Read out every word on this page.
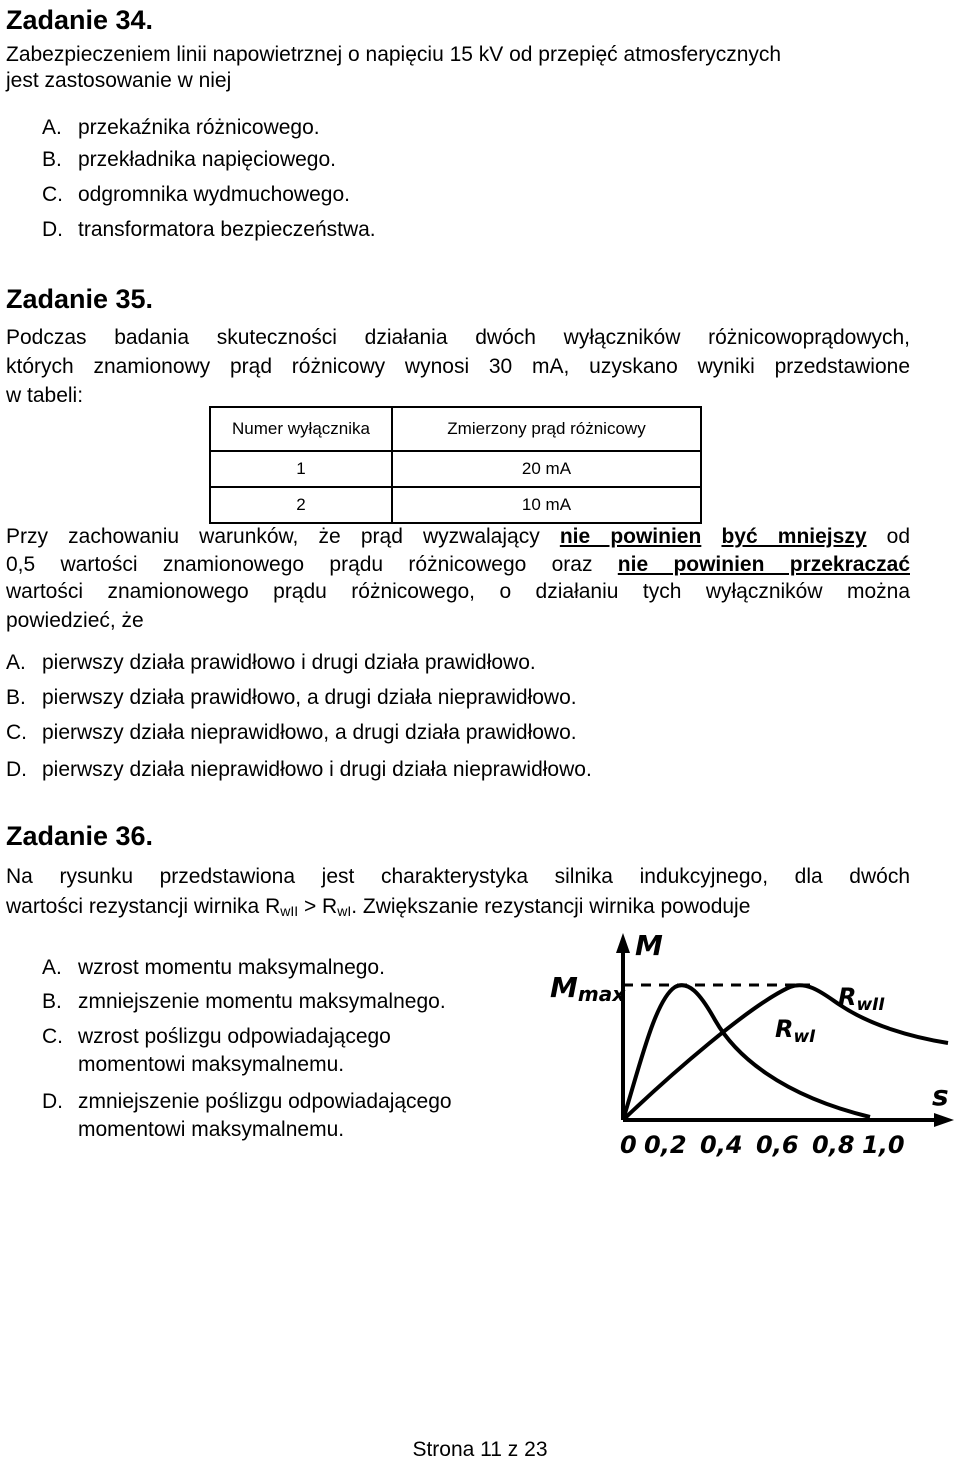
Zadanie 34.
Zabezpieczeniem linii napowietrznej o napięciu 15 kV od przepięć atmosferycznych
jest zastosowanie w niej
A. przekaźnika różnicowego.
B. przekładnika napięciowego.
C. odgromnika wydmuchowego.
D. transformatora bezpieczeństwa.
Zadanie 35.
Podczas badania skuteczności działania dwóch wyłączników różnicowoprądowych,
których znamionowy prąd różnicowy wynosi 30 mA, uzyskano wyniki przedstawione
w tabeli:
Numer wyłącznika	Zmierzony prąd różnicowy
1	20 mA
2	10 mA
Przy zachowaniu warunków, że prąd wyzwalający nie powinien być mniejszy od
0,5 wartości znamionowego prądu różnicowego oraz nie powinien przekraczać
wartości znamionowego prądu różnicowego, o działaniu tych wyłączników można
powiedzieć, że
A. pierwszy działa prawidłowo i drugi działa prawidłowo.
B. pierwszy działa prawidłowo, a drugi działa nieprawidłowo.
C. pierwszy działa nieprawidłowo, a drugi działa prawidłowo.
D. pierwszy działa nieprawidłowo i drugi działa nieprawidłowo.
Zadanie 36.
Na rysunku przedstawiona jest charakterystyka silnika indukcyjnego, dla dwóch
wartości rezystancji wirnika $R_{wII} > R_{wI}$. Zwiększanie rezystancji wirnika powoduje
A. wzrost momentu maksymalnego.
B. zmniejszenie momentu maksymalnego.
C. wzrost poślizgu odpowiadającego
momentowi maksymalnemu.
D. zmniejszenie poślizgu odpowiadającego
momentowi maksymalnemu.
M
Mmax
$R_{wI}$
$R_{wII}$
s
0 0,2 0,4 0,6 0,8 1,0
Strona 11 z 23
